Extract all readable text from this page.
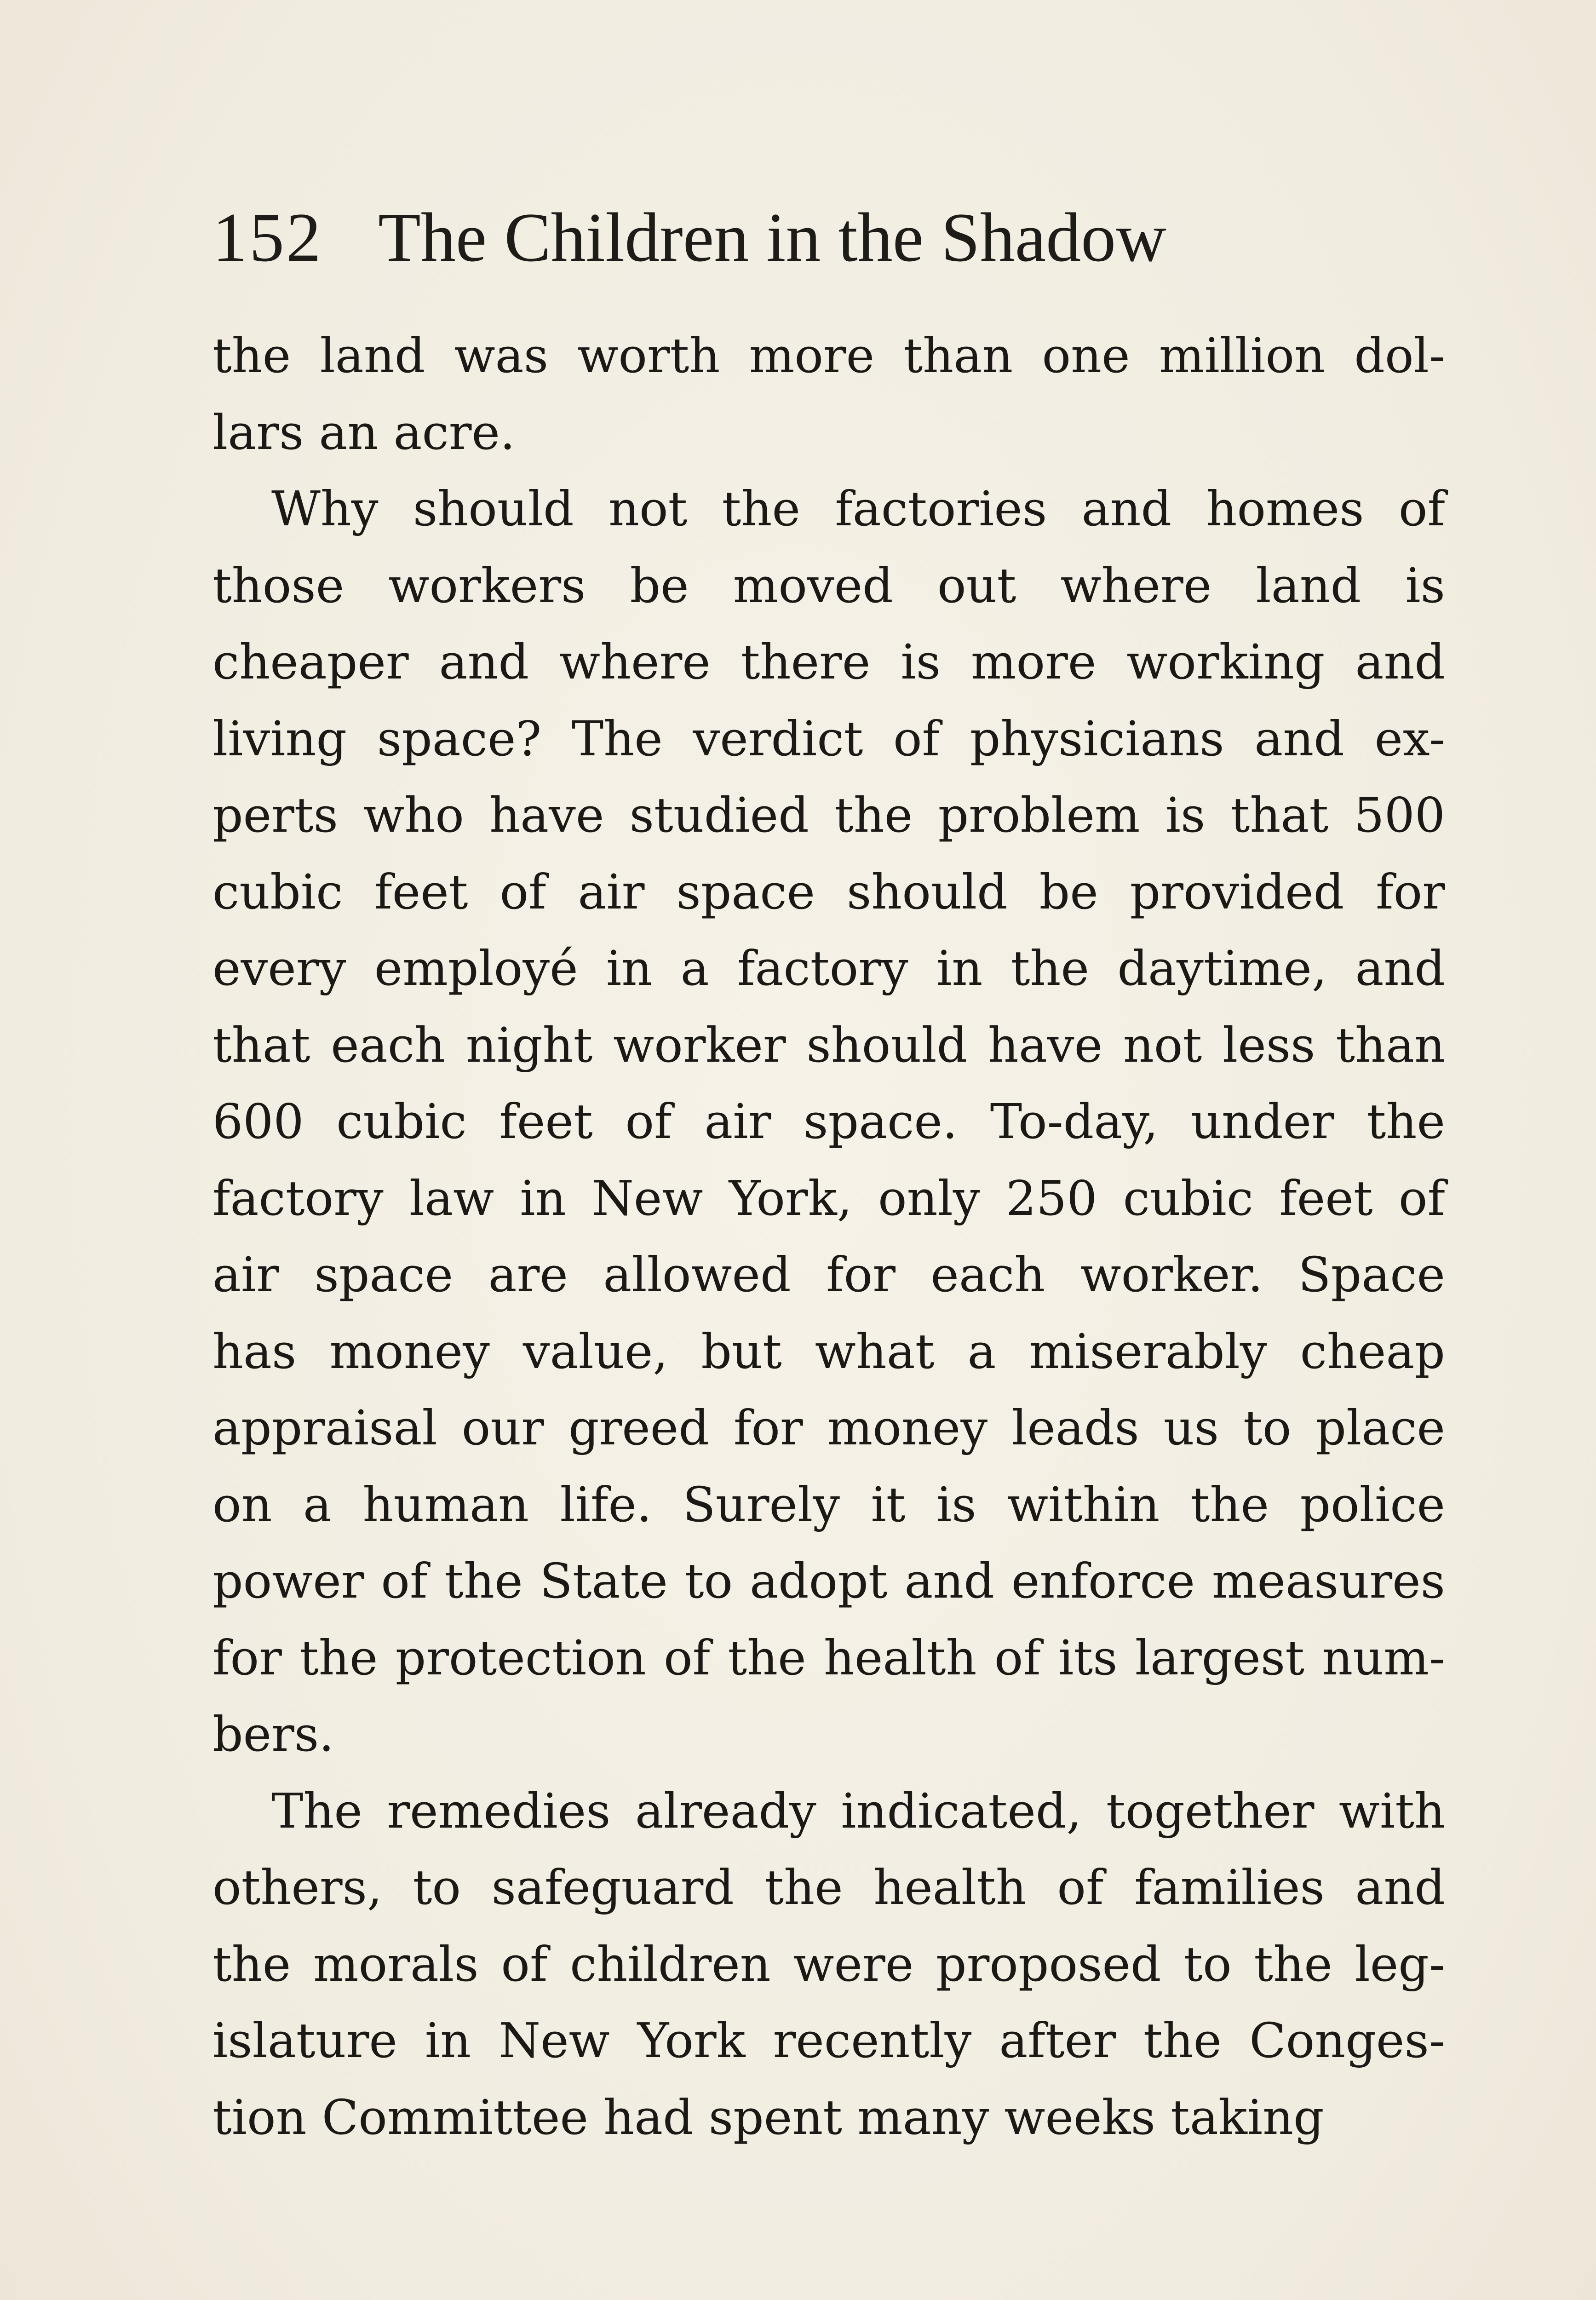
152 The Children in the Shadow
the land was worth more than one million dol-
lars an acre.
Why should not the factories and homes of
those workers be moved out where land is
cheaper and where there is more working and
living space? The verdict of physicians and ex-
perts who have studied the problem is that 500
cubic feet of air space should be provided for
every employé in a factory in the daytime, and
that each night worker should have not less than
600 cubic feet of air space. To-day, under the
factory law in New York, only 250 cubic feet of
air space are allowed for each worker. Space
has money value, but what a miserably cheap
appraisal our greed for money leads us to place
on a human life. Surely it is within the police
power of the State to adopt and enforce measures
for the protection of the health of its largest num-
bers.
The remedies already indicated, together with
others, to safeguard the health of families and
the morals of children were proposed to the leg-
islature in New York recently after the Conges-
tion Committee had spent many weeks taking
